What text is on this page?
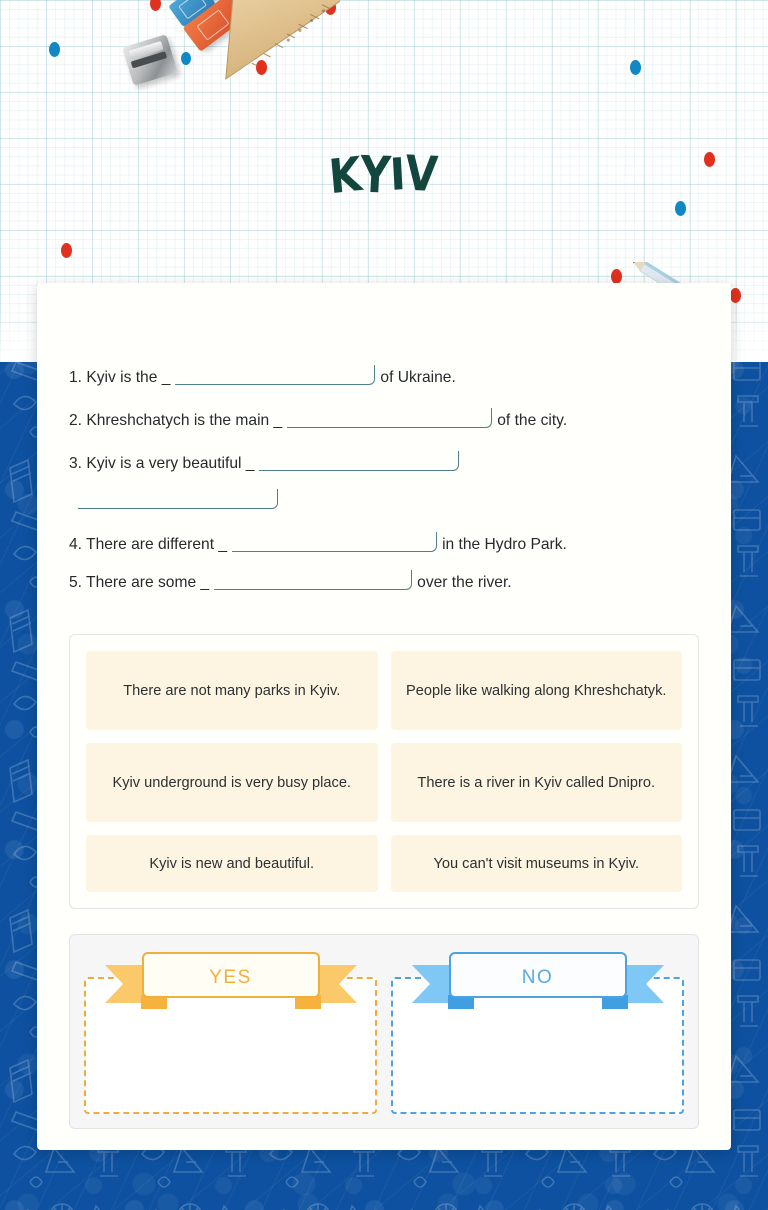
KYIV
1. Kyiv is the _	of Ukraine.
2. Khreshchatych is the main _	of the city.
3. Kyiv is a very beautiful _
4. There are different _	in the Hydro Park.
5. There are some _	over the river.
There are not many parks in Kyiv.	People like walking along Khreshchatyk.
Kyiv underground is very busy place.	There is a river in Kyiv called Dnipro.
Kyiv is new and beautiful.	You can't visit museums in Kyiv.
YES	NO
